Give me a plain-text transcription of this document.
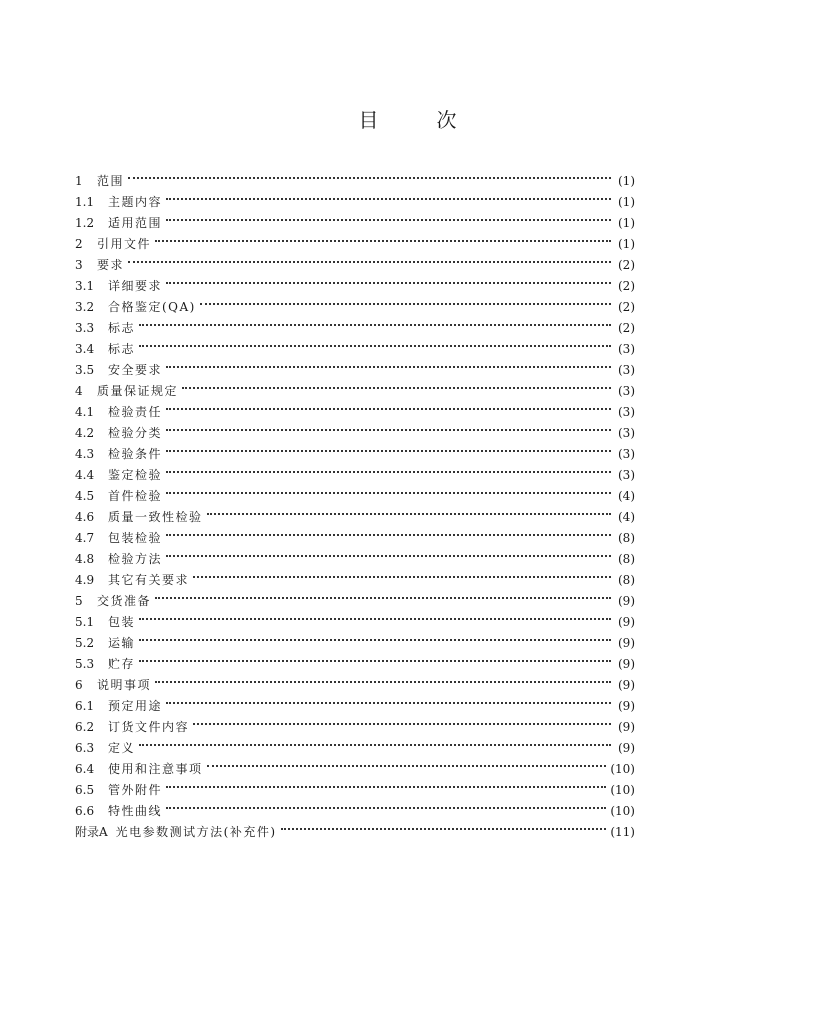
目	次
1	范围	(1)
1.1	主题内容	(1)
1.2	适用范围	(1)
2	引用文件	(1)
3	要求	(2)
3.1	详细要求	(2)
3.2	合格鉴定(QA)	(2)
3.3	标志	(2)
3.4	标志	(3)
3.5	安全要求	(3)
4	质量保证规定	(3)
4.1	检验责任	(3)
4.2	检验分类	(3)
4.3	检验条件	(3)
4.4	鉴定检验	(3)
4.5	首件检验	(4)
4.6	质量一致性检验	(4)
4.7	包装检验	(8)
4.8	检验方法	(8)
4.9	其它有关要求	(8)
5	交货准备	(9)
5.1	包装	(9)
5.2	运输	(9)
5.3	贮存	(9)
6	说明事项	(9)
6.1	预定用途	(9)
6.2	订货文件内容	(9)
6.3	定义	(9)
6.4	使用和注意事项	(10)
6.5	管外附件	(10)
6.6	特性曲线	(10)
附录A 光电参数测试方法(补充件)	(11)
